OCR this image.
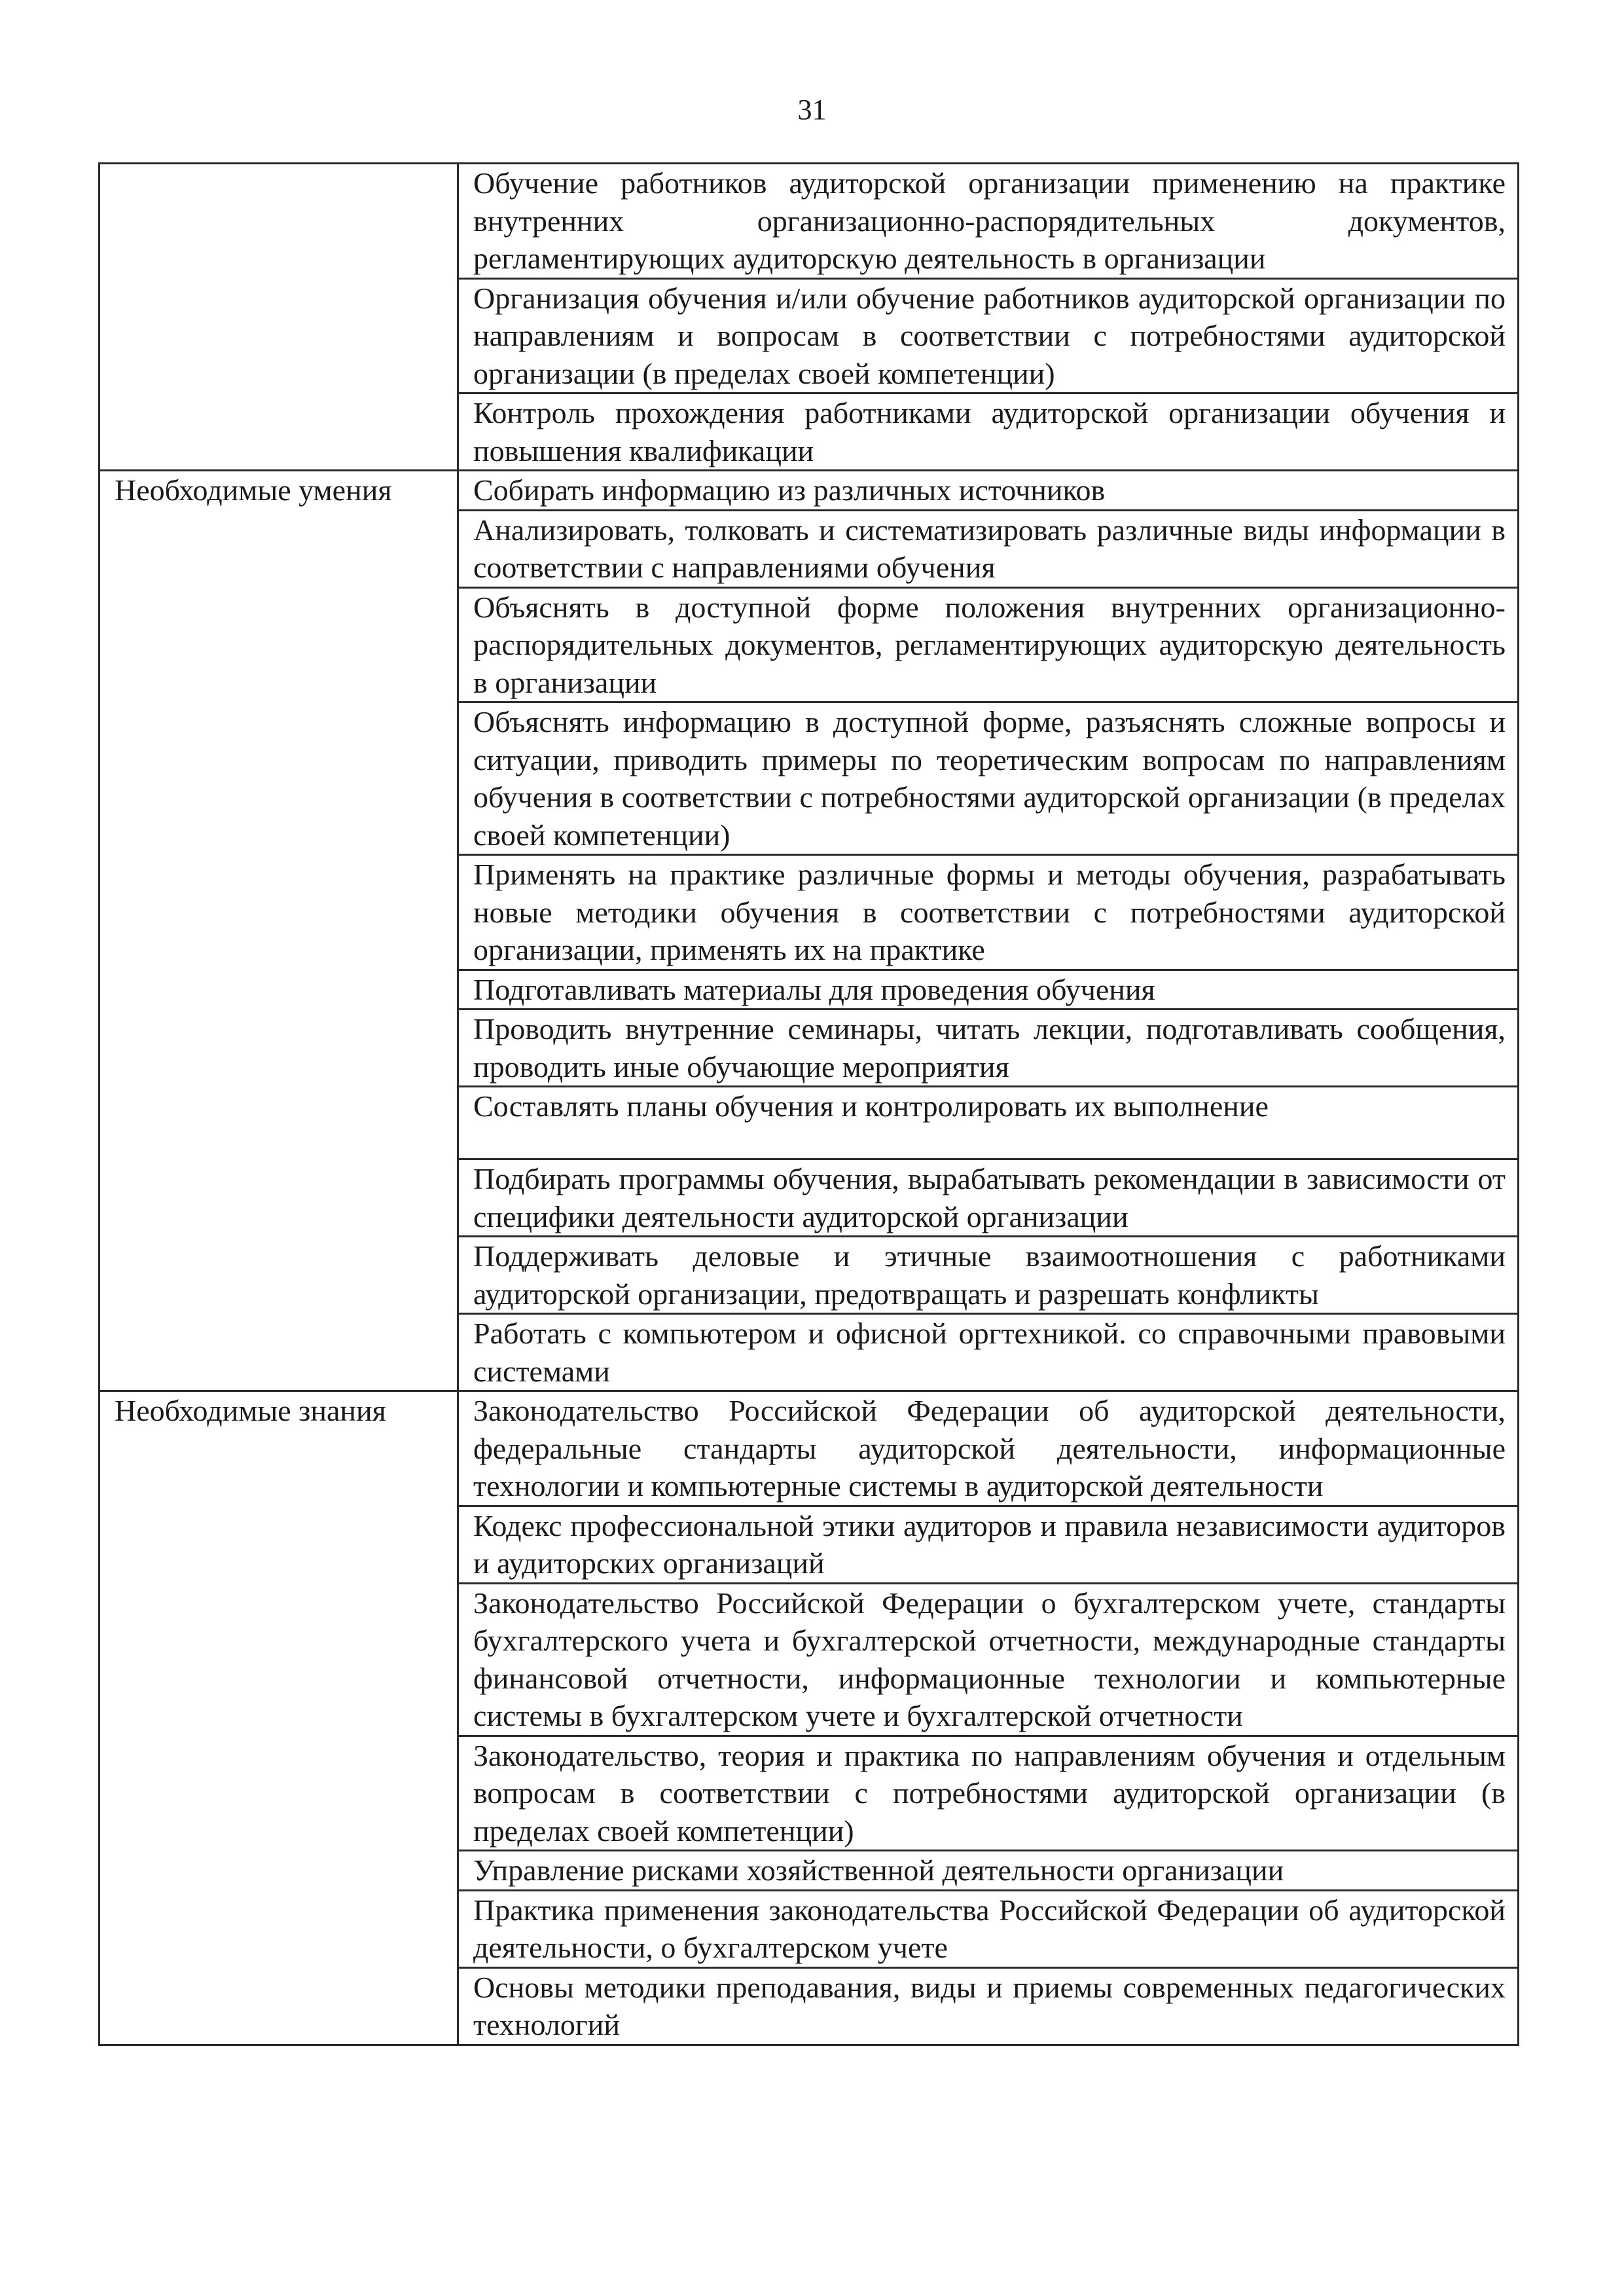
31
	Обучение работников аудиторской организации применению на практике внутренних организационно-распорядительных документов, регламентирующих аудиторскую деятельность в организации
	Организация обучения и/или обучение работников аудиторской организации по направлениям и вопросам в соответствии с потребностями аудиторской организации (в пределах своей компетенции)
	Контроль прохождения работниками аудиторской организации обучения и повышения квалификации
Необходимые умения	Собирать информацию из различных источников
	Анализировать, толковать и систематизировать различные виды информации в соответствии с направлениями обучения
	Объяснять в доступной форме положения внутренних организационно-распорядительных документов, регламентирующих аудиторскую деятельность в организации
	Объяснять информацию в доступной форме, разъяснять сложные вопросы и ситуации, приводить примеры по теоретическим вопросам по направлениям обучения в соответствии с потребностями аудиторской организации (в пределах своей компетенции)
	Применять на практике различные формы и методы обучения, разрабатывать новые методики обучения в соответствии с потребностями аудиторской организации, применять их на практике
	Подготавливать материалы для проведения обучения
	Проводить внутренние семинары, читать лекции, подготавливать сообщения, проводить иные обучающие мероприятия
	Составлять планы обучения и контролировать их выполнение
	Подбирать программы обучения, вырабатывать рекомендации в зависимости от специфики деятельности аудиторской организации
	Поддерживать деловые и этичные взаимоотношения с работниками аудиторской организации, предотвращать и разрешать конфликты
	Работать с компьютером и офисной оргтехникой. со справочными правовыми системами
Необходимые знания	Законодательство Российской Федерации об аудиторской деятельности, федеральные стандарты аудиторской деятельности, информационные технологии и компьютерные системы в аудиторской деятельности
	Кодекс профессиональной этики аудиторов и правила независимости аудиторов и аудиторских организаций
	Законодательство Российской Федерации о бухгалтерском учете, стандарты бухгалтерского учета и бухгалтерской отчетности, международные стандарты финансовой отчетности, информационные технологии и компьютерные системы в бухгалтерском учете и бухгалтерской отчетности
	Законодательство, теория и практика по направлениям обучения и отдельным вопросам в соответствии с потребностями аудиторской организации (в пределах своей компетенции)
	Управление рисками хозяйственной деятельности организации
	Практика применения законодательства Российской Федерации об аудиторской деятельности, о бухгалтерском учете
	Основы методики преподавания, виды и приемы современных педагогических технологий
